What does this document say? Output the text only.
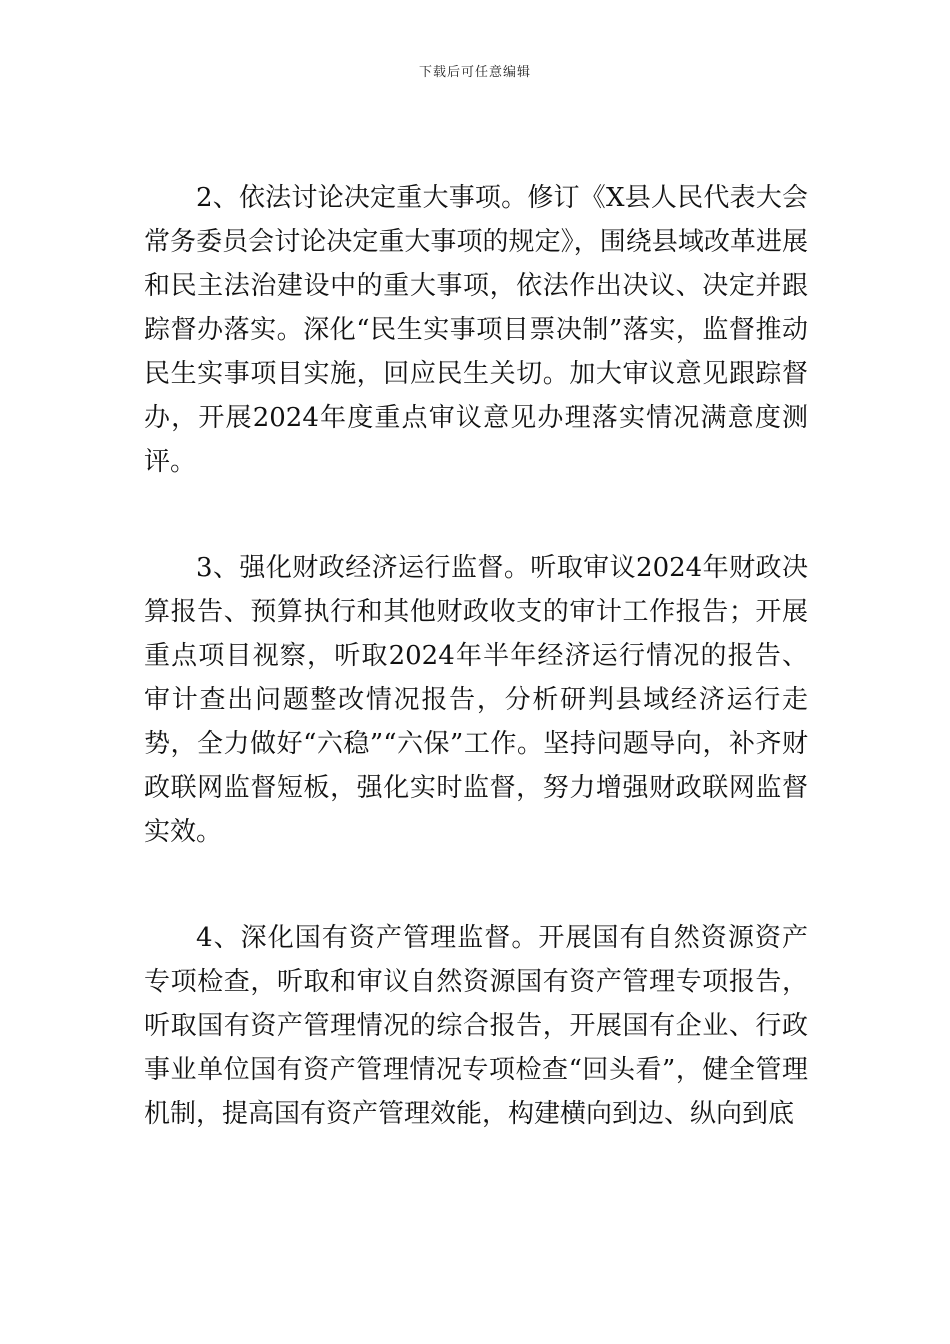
下载后可任意编辑

2、依法讨论决定重大事项。修订《X县人民代表大会常务委员会讨论决定重大事项的规定》，围绕县域改革进展和民主法治建设中的重大事项，依法作出决议、决定并跟踪督办落实。深化“民生实事项目票决制”落实，监督推动民生实事项目实施，回应民生关切。加大审议意见跟踪督办，开展2024年度重点审议意见办理落实情况满意度测评。

3、强化财政经济运行监督。听取审议2024年财政决算报告、预算执行和其他财政收支的审计工作报告；开展重点项目视察，听取2024年半年经济运行情况的报告、审计查出问题整改情况报告，分析研判县域经济运行走势，全力做好“六稳”“六保”工作。坚持问题导向，补齐财政联网监督短板，强化实时监督，努力增强财政联网监督实效。

4、深化国有资产管理监督。开展国有自然资源资产专项检查，听取和审议自然资源国有资产管理专项报告，听取国有资产管理情况的综合报告，开展国有企业、行政事业单位国有资产管理情况专项检查“回头看”，健全管理机制，提高国有资产管理效能，构建横向到边、纵向到底
